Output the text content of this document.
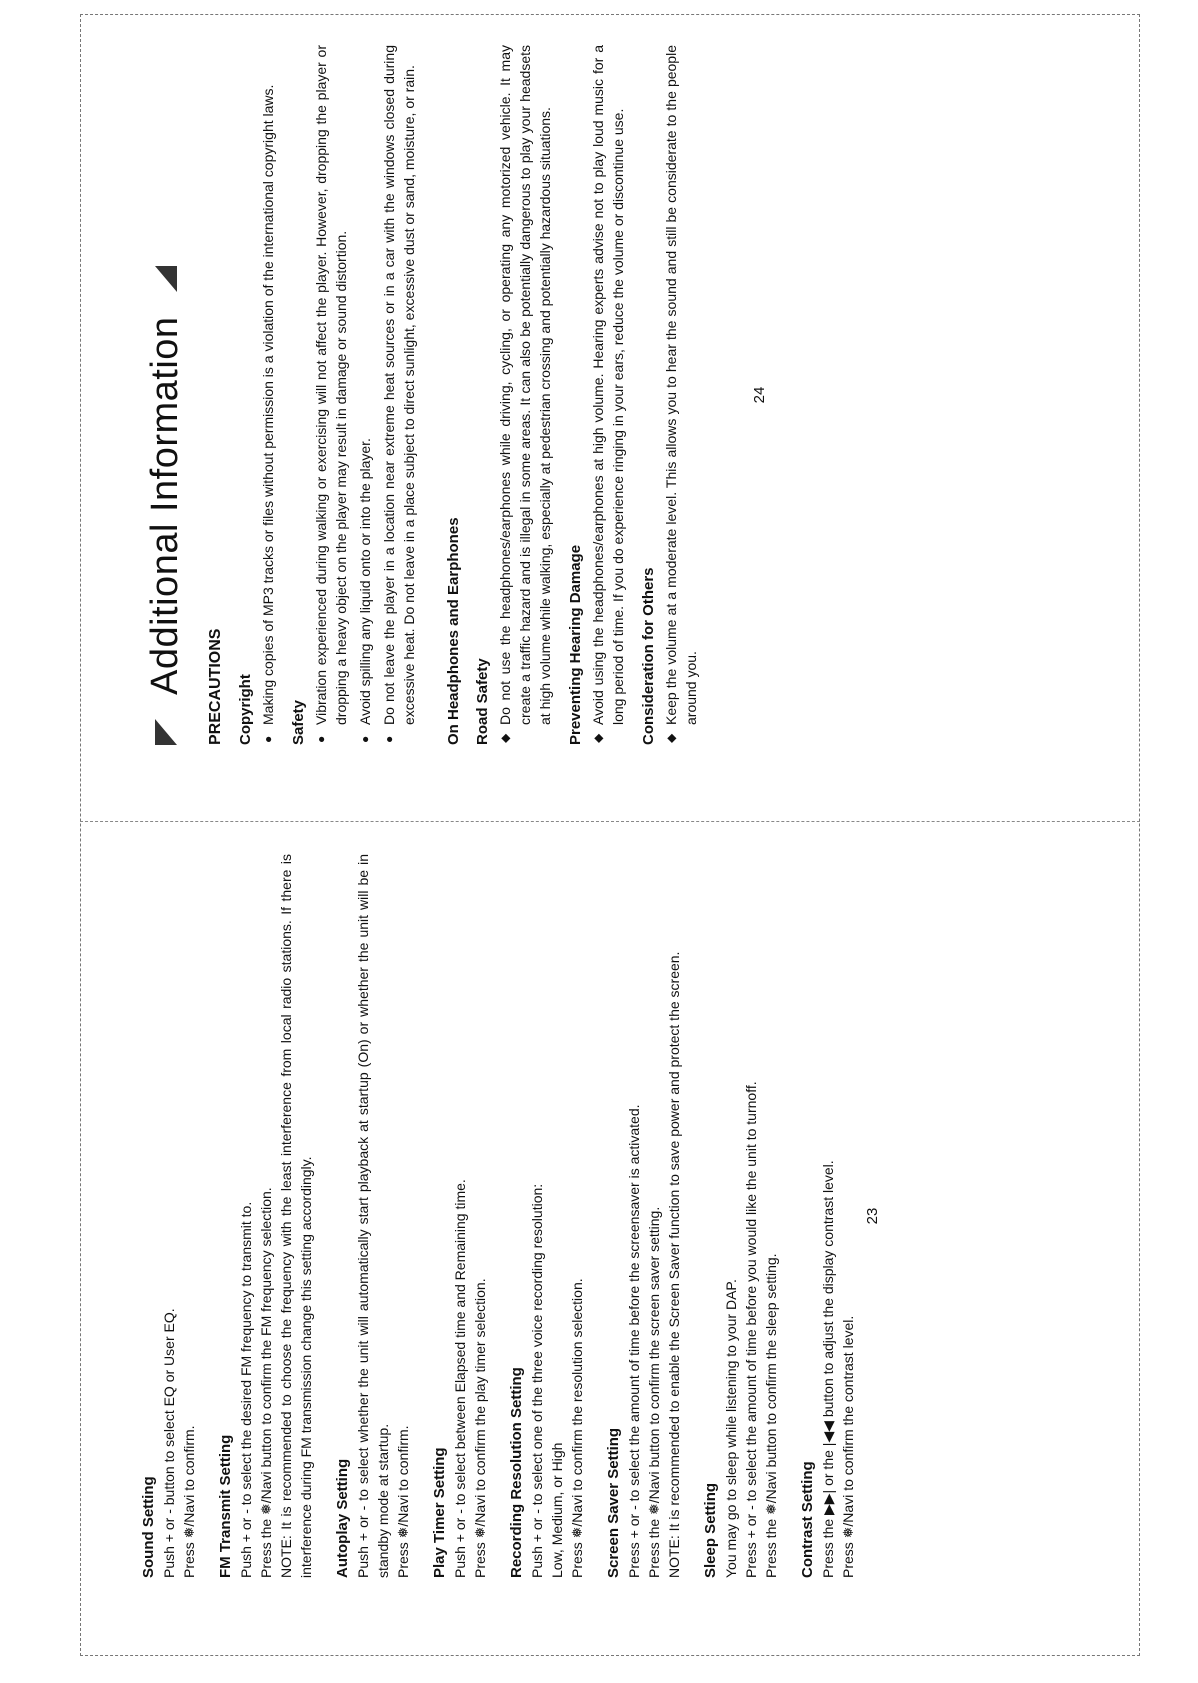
Sound Setting Push + or - button to select EQ or User EQ. Press ❅/Navi to confirm. FM Transmit Setting Push + or - to select the desired FM frequency to transmit to. Press the ❅/Navi button to confirm the FM frequency selection. NOTE: It is recommended to choose the frequency with the least interference from local radio stations. If there is interference during FM transmission change this setting accordingly. Autoplay Setting Push + or - to select whether the unit will automatically start playback at startup (On) or whether the unit will be in standby mode at startup. Press ❅/Navi to confirm. Play Timer Setting Push + or - to select between Elapsed time and Remaining time. Press ❅/Navi to confirm the play timer selection. Recording Resolution Setting Push + or - to select one of the three voice recording resolution: Low, Medium, or High Press ❅/Navi to confirm the resolution selection. Screen Saver Setting Press + or - to select the amount of time before the screensaver is activated. Press the ❅/Navi button to confirm the screen saver setting. NOTE: It is recommended to enable the Screen Saver function to save power and protect the screen. Sleep Setting You may go to sleep while listening to your DAP. Press + or - to select the amount of time before you would like the unit to turnoff. Press the ❅/Navi button to confirm the sleep setting. Contrast Setting Press the ▶▶| or the |◀◀ button to adjust the display contrast level. Press ❅/Navi to confirm the contrast level.

23
Additional Information PRECAUTIONS Copyright ●
Making copies of MP3 tracks or files without permission is a violation of the international copyright laws. Safety ●
Vibration experienced during walking or exercising will not affect the player. However, dropping the player or dropping a heavy object on the player may result in damage or sound distortion.
●
Avoid spilling any liquid onto or into the player.
●
Do not leave the player in a location near extreme heat sources or in a car with the windows closed during excessive heat. Do not leave in a place subject to direct sunlight, excessive dust or sand, moisture, or rain. On Headphones and Earphones Road Safety ◆
Do not use the headphones/earphones while driving, cycling, or operating any motorized vehicle. It may create a traffic hazard and is illegal in some areas. It can also be potentially dangerous to play your headsets at high volume while walking, especially at pedestrian crossing and potentially hazardous situations. Preventing Hearing Damage ◆
Avoid using the headphones/earphones at high volume. Hearing experts advise not to play loud music for a long period of time. If you do experience ringing in your ears, reduce the volume or discontinue use. Consideration for Others ◆
Keep the volume at a moderate level. This allows you to hear the sound and still be considerate to the people around you.
24
